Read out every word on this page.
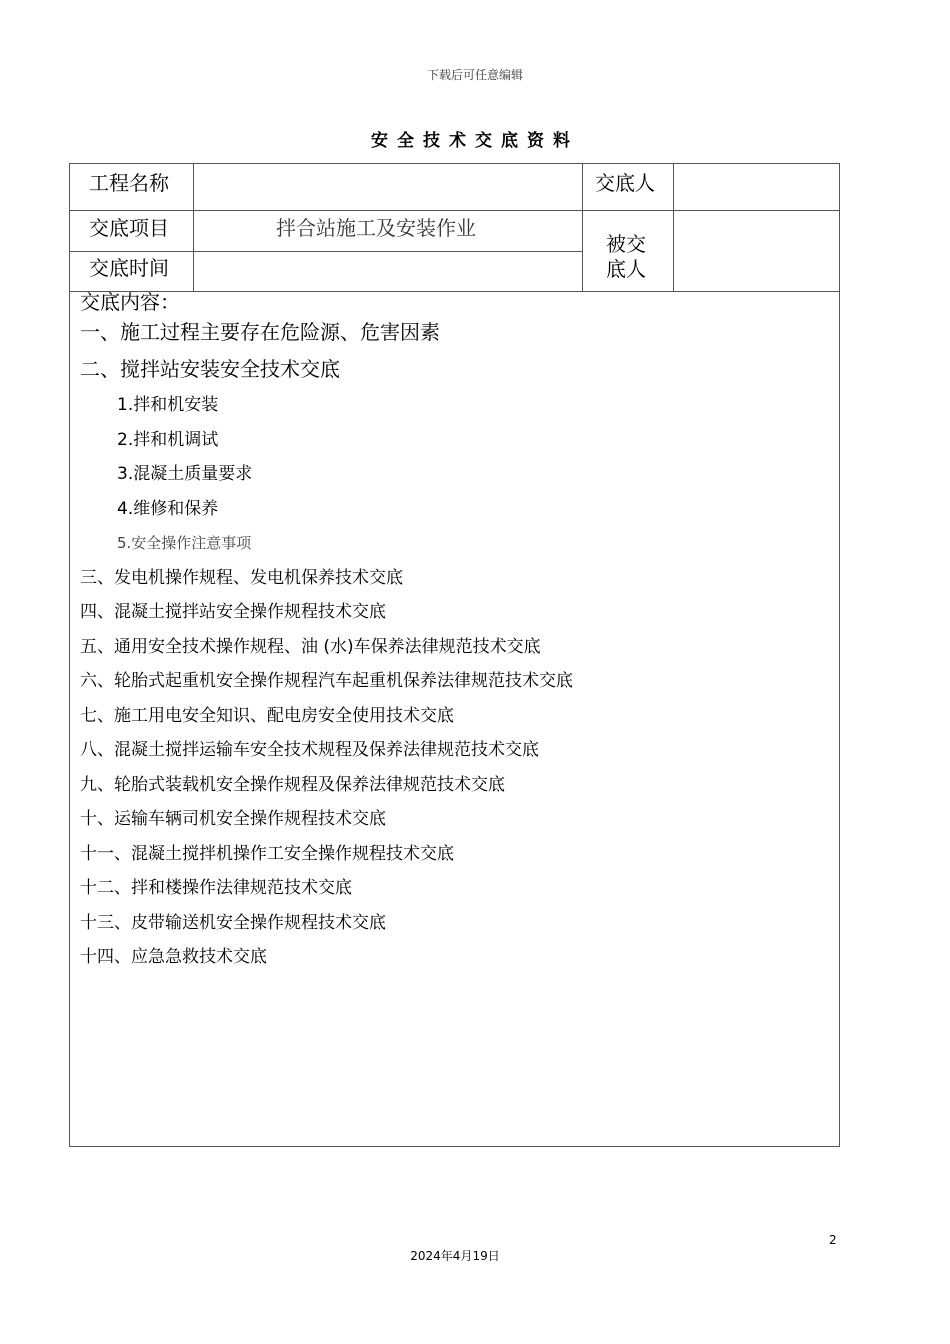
下载后可任意编辑
安全技术交底资料
工程名称	交底人
交底项目	拌合站施工及安装作业
被交
底人
交底时间
交底内容：
一、施工过程主要存在危险源、危害因素
二、搅拌站安装安全技术交底
1.拌和机安装
2.拌和机调试
3.混凝土质量要求
4.维修和保养
5.安全操作注意事项
三、发电机操作规程、发电机保养技术交底
四、混凝土搅拌站安全操作规程技术交底
五、通用安全技术操作规程、油 (水)车保养法律规范技术交底
六、轮胎式起重机安全操作规程汽车起重机保养法律规范技术交底
七、施工用电安全知识、配电房安全使用技术交底
八、混凝土搅拌运输车安全技术规程及保养法律规范技术交底
九、轮胎式装载机安全操作规程及保养法律规范技术交底
十、运输车辆司机安全操作规程技术交底
十一、混凝土搅拌机操作工安全操作规程技术交底
十二、拌和楼操作法律规范技术交底
十三、皮带输送机安全操作规程技术交底
十四、应急急救技术交底
2
2024年4月19日
